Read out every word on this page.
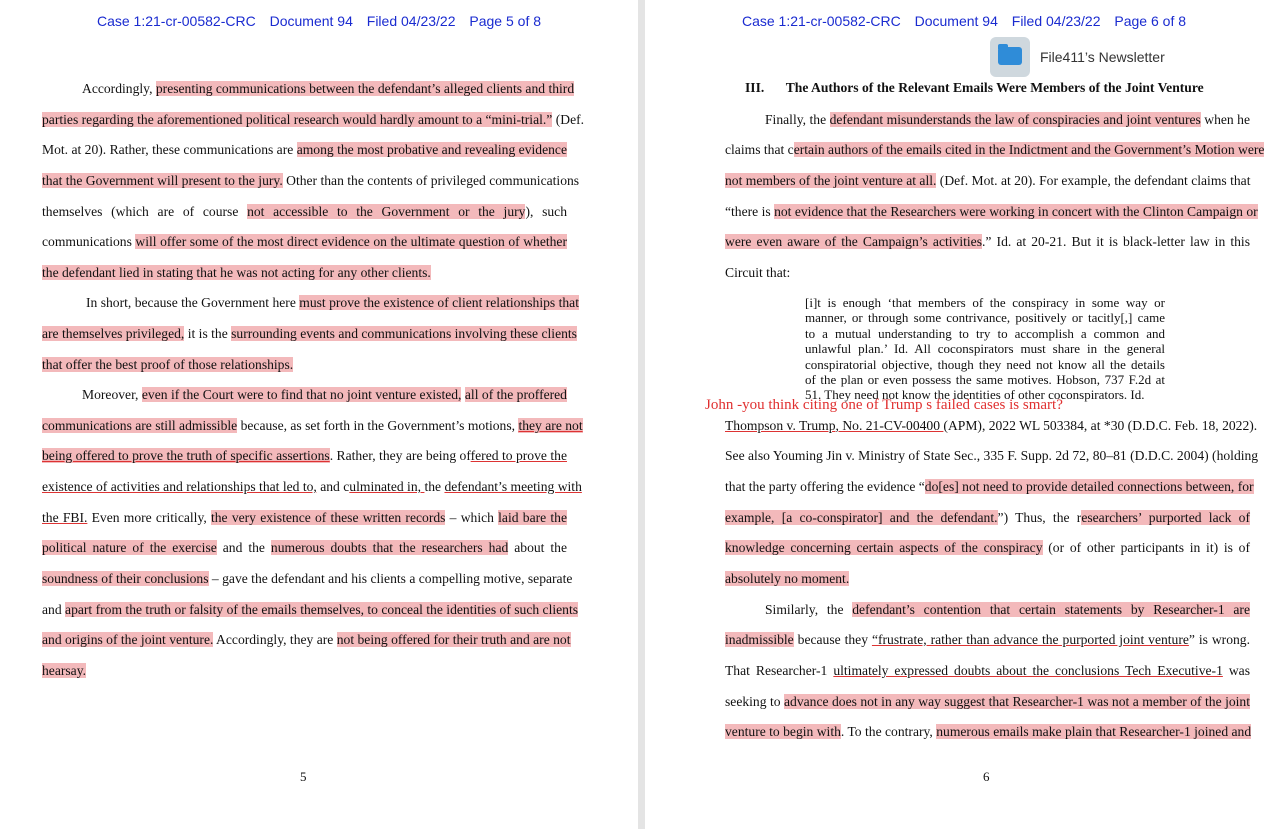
Case 1:21-cr-00582-CRC Document 94 Filed 04/23/22 Page 5 of 8
Accordingly, presenting communications between the defendant’s alleged clients and third
parties regarding the aforementioned political research would hardly amount to a “mini-trial.” (Def.
Mot. at 20). Rather, these communications are among the most probative and revealing evidence
that the Government will present to the jury. Other than the contents of privileged communications
themselves (which are of course not accessible to the Government or the jury), such
communications will offer some of the most direct evidence on the ultimate question of whether
the defendant lied in stating that he was not acting for any other clients.
In short, because the Government here must prove the existence of client relationships that
are themselves privileged, it is the surrounding events and communications involving these clients
that offer the best proof of those relationships.
Moreover, even if the Court were to find that no joint venture existed, all of the proffered
communications are still admissible because, as set forth in the Government’s motions, they are not
being offered to prove the truth of specific assertions. Rather, they are being offered to prove the
existence of activities and relationships that led to, and culminated in, the defendant’s meeting with
the FBI. Even more critically, the very existence of these written records – which laid bare the
political nature of the exercise and the numerous doubts that the researchers had about the
soundness of their conclusions – gave the defendant and his clients a compelling motive, separate
and apart from the truth or falsity of the emails themselves, to conceal the identities of such clients
and origins of the joint venture. Accordingly, they are not being offered for their truth and are not
hearsay.
5
Case 1:21-cr-00582-CRC Document 94 Filed 04/23/22 Page 6 of 8
File411’s Newsletter
III. The Authors of the Relevant Emails Were Members of the Joint Venture
Finally, the defendant misunderstands the law of conspiracies and joint ventures when he
claims that certain authors of the emails cited in the Indictment and the Government’s Motion were
not members of the joint venture at all. (Def. Mot. at 20). For example, the defendant claims that
“there is not evidence that the Researchers were working in concert with the Clinton Campaign or
were even aware of the Campaign’s activities.” Id. at 20-21. But it is black-letter law in this
Circuit that:
Thompson v. Trump, No. 21-CV-00400 (APM), 2022 WL 503384, at *30 (D.D.C. Feb. 18, 2022).
See also Youming Jin v. Ministry of State Sec., 335 F. Supp. 2d 72, 80–81 (D.D.C. 2004) (holding
that the party offering the evidence “do[es] not need to provide detailed connections between, for
example, [a co-conspirator] and the defendant.”) Thus, the researchers’ purported lack of
knowledge concerning certain aspects of the conspiracy (or of other participants in it) is of
absolutely no moment.
Similarly, the defendant’s contention that certain statements by Researcher-1 are
inadmissible because they “frustrate, rather than advance the purported joint venture” is wrong.
That Researcher-1 ultimately expressed doubts about the conclusions Tech Executive-1 was
seeking to advance does not in any way suggest that Researcher-1 was not a member of the joint
venture to begin with. To the contrary, numerous emails make plain that Researcher-1 joined and
[i]t is enough ‘that members of the conspiracy in some way or
manner, or through some contrivance, positively or tacitly[,] came
to a mutual understanding to try to accomplish a common and
unlawful plan.’ Id. All coconspirators must share in the general
conspiratorial objective, though they need not know all the details
of the plan or even possess the same motives. Hobson, 737 F.2d at
51. They need not know the identities of other coconspirators. Id.
John -you think citing one of Trump s failed cases is smart?
6
